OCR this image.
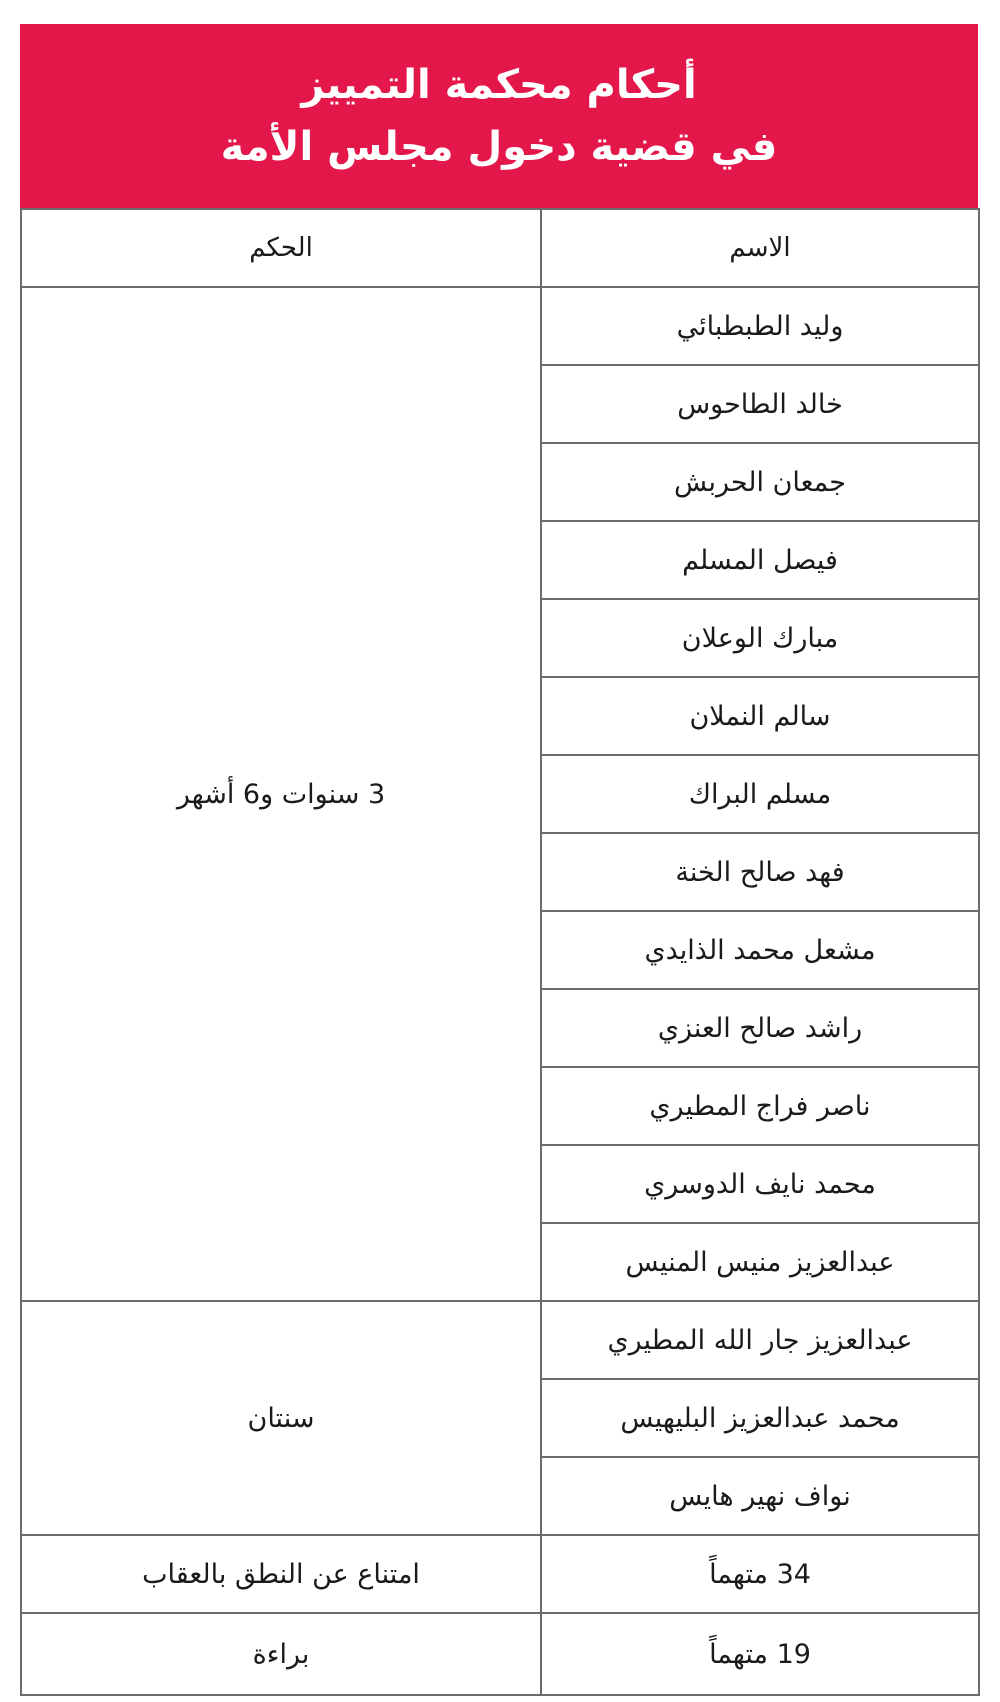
أحكام محكمة التمييز
في قضية دخول مجلس الأمة
الاسم	الحكم
وليد الطبطبائي	3 سنوات و6 أشهر
خالد الطاحوس	
جمعان الحربش	
فيصل المسلم	
مبارك الوعلان	
سالم النملان	
مسلم البراك	
فهد صالح الخنة	
مشعل محمد الذايدي	
راشد صالح العنزي	
ناصر فراج المطيري	
محمد نايف الدوسري	
عبدالعزيز منيس المنيس	
عبدالعزيز جار الله المطيري	سنتان
محمد عبدالعزيز البليهيس	
نواف نهير هايس	
34 متهماً	امتناع عن النطق بالعقاب
19 متهماً	براءة
